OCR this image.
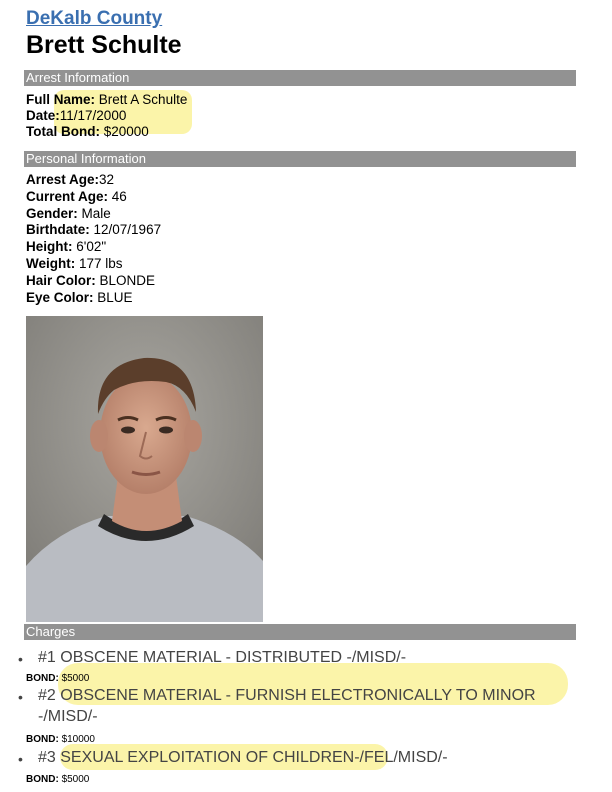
DeKalb County
Brett Schulte
Arrest Information
Full Name: Brett A Schulte
Date:11/17/2000
Total Bond: $20000
Personal Information
Arrest Age:32
Current Age: 46
Gender: Male
Birthdate: 12/07/1967
Height: 6'02"
Weight: 177 lbs
Hair Color: BLONDE
Eye Color: BLUE
Charges
• #1 OBSCENE MATERIAL - DISTRIBUTED -/MISD/-
BOND: $5000
• #2 OBSCENE MATERIAL - FURNISH ELECTRONICALLY TO MINOR
-/MISD/-
BOND: $10000
• #3 SEXUAL EXPLOITATION OF CHILDREN-/FEL/MISD/-
BOND: $5000
